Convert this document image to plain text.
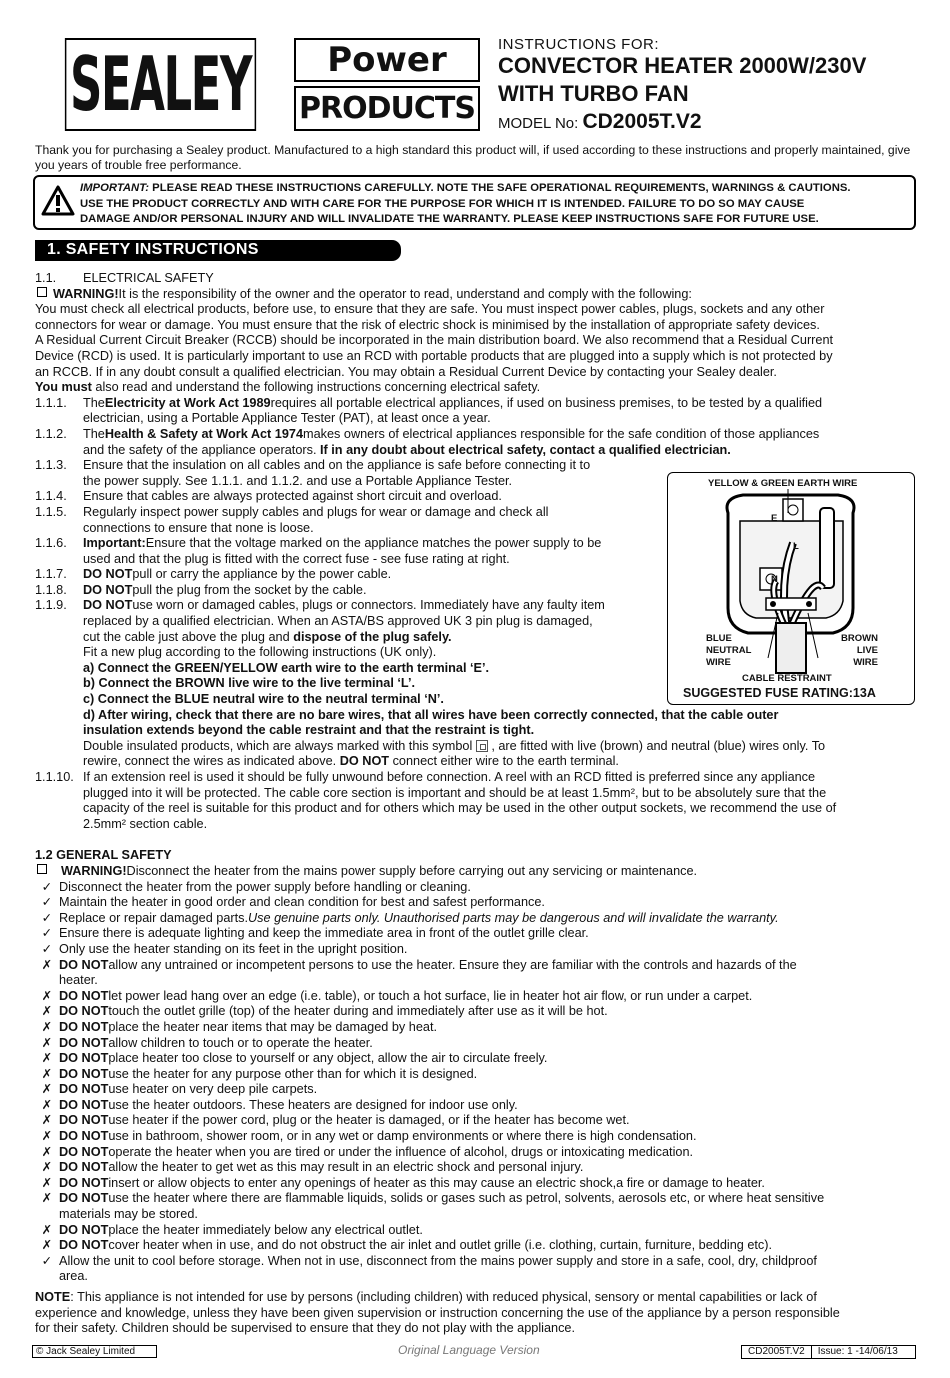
SEALEY	Power
PRODUCTS
INSTRUCTIONS FOR:
CONVECTOR HEATER 2000W/230V
WITH TURBO FAN
MODEL No: CD2005T.V2
Thank you for purchasing a Sealey product. Manufactured to a high standard this product will, if used according to these instructions and properly maintained, give you years of trouble free performance.
IMPORTANT: PLEASE READ THESE INSTRUCTIONS CAREFULLY. NOTE THE SAFE OPERATIONAL REQUIREMENTS, WARNINGS & CAUTIONS.
USE THE PRODUCT CORRECTLY AND WITH CARE FOR THE PURPOSE FOR WHICH IT IS INTENDED. FAILURE TO DO SO MAY CAUSE
DAMAGE AND/OR PERSONAL INJURY AND WILL INVALIDATE THE WARRANTY. PLEASE KEEP INSTRUCTIONS SAFE FOR FUTURE USE.
1. SAFETY INSTRUCTIONS
1.1.	ELECTRICAL SAFETY
WARNING! It is the responsibility of the owner and the operator to read, understand and comply with the following:
You must check all electrical products, before use, to ensure that they are safe. You must inspect power cables, plugs, sockets and any other
connectors for wear or damage. You must ensure that the risk of electric shock is minimised by the installation of appropriate safety devices.
A Residual Current Circuit Breaker (RCCB) should be incorporated in the main distribution board. We also recommend that a Residual Current
Device (RCD) is used. It is particularly important to use an RCD with portable products that are plugged into a supply which is not protected by
an RCCB. If in any doubt consult a qualified electrician. You may obtain a Residual Current Device by contacting your Sealey dealer.
You must also read and understand the following instructions concerning electrical safety.
1.1.1.	The Electricity at Work Act 1989 requires all portable electrical appliances, if used on business premises, to be tested by a qualified
electrician, using a Portable Appliance Tester (PAT), at least once a year.
1.1.2.	The Health & Safety at Work Act 1974 makes owners of electrical appliances responsible for the safe condition of those appliances
and the safety of the appliance operators. If in any doubt about electrical safety, contact a qualified electrician.
1.1.3.	Ensure that the insulation on all cables and on the appliance is safe before connecting it to
the power supply. See 1.1.1. and 1.1.2. and use a Portable Appliance Tester.
1.1.4.	Ensure that cables are always protected against short circuit and overload.
1.1.5.	Regularly inspect power supply cables and plugs for wear or damage and check all
connections to ensure that none is loose.
1.1.6.	Important: Ensure that the voltage marked on the appliance matches the power supply to be
used and that the plug is fitted with the correct fuse - see fuse rating at right.
1.1.7.	DO NOT pull or carry the appliance by the power cable.
1.1.8.	DO NOT pull the plug from the socket by the cable.
1.1.9.	DO NOT use worn or damaged cables, plugs or connectors. Immediately have any faulty item
replaced by a qualified electrician. When an ASTA/BS approved UK 3 pin plug is damaged,
cut the cable just above the plug and dispose of the plug safely.
Fit a new plug according to the following instructions (UK only).
a) Connect the GREEN/YELLOW earth wire to the earth terminal ‘E’.
b) Connect the BROWN live wire to the live terminal ‘L’.
c) Connect the BLUE neutral wire to the neutral terminal ‘N’.
d) After wiring, check that there are no bare wires, that all wires have been correctly connected, that the cable outer
insulation extends beyond the cable restraint and that the restraint is tight.
Double insulated products, which are always marked with this symbol  , are fitted with live (brown) and neutral (blue) wires only. To
rewire, connect the wires as indicated above. DO NOT connect either wire to the earth terminal.
1.1.10. If an extension reel is used it should be fully unwound before connection. A reel with an RCD fitted is preferred since any appliance
plugged into it will be protected. The cable core section is important and should be at least 1.5mm², but to be absolutely sure that the
capacity of the reel is suitable for this product and for others which may be used in the other output sockets, we recommend the use of
2.5mm² section cable.
1.2 GENERAL SAFETY
WARNING! Disconnect the heater from the mains power supply before carrying out any servicing or maintenance.
✓ Disconnect the heater from the power supply before handling or cleaning.
✓ Maintain the heater in good order and clean condition for best and safest performance.
✓ Replace or repair damaged parts. Use genuine parts only. Unauthorised parts may be dangerous and will invalidate the warranty.
✓ Ensure there is adequate lighting and keep the immediate area in front of the outlet grille clear.
✓ Only use the heater standing on its feet in the upright position.
✗ DO NOT allow any untrained or incompetent persons to use the heater. Ensure they are familiar with the controls and hazards of the
heater.
✗ DO NOT let power lead hang over an edge (i.e. table), or touch a hot surface, lie in heater hot air flow, or run under a carpet.
✗ DO NOT touch the outlet grille (top) of the heater during and immediately after use as it will be hot.
✗ DO NOT place the heater near items that may be damaged by heat.
✗ DO NOT allow children to touch or to operate the heater.
✗ DO NOT place heater too close to yourself or any object, allow the air to circulate freely.
✗ DO NOT use the heater for any purpose other than for which it is designed.
✗ DO NOT use heater on very deep pile carpets.
✗ DO NOT use the heater outdoors. These heaters are designed for indoor use only.
✗ DO NOT use heater if the power cord, plug or the heater is damaged, or if the heater has become wet.
✗ DO NOT use in bathroom, shower room, or in any wet or damp environments or where there is high condensation.
✗ DO NOT operate the heater when you are tired or under the influence of alcohol, drugs or intoxicating medication.
✗ DO NOT allow the heater to get wet as this may result in an electric shock and personal injury.
✗ DO NOT insert or allow objects to enter any openings of heater as this may cause an electric shock,a fire or damage to heater.
✗ DO NOT use the heater where there are flammable liquids, solids or gases such as petrol, solvents, aerosols etc, or where heat sensitive
materials may be stored.
✗ DO NOT place the heater immediately below any electrical outlet.
✗ DO NOT cover heater when in use, and do not obstruct the air inlet and outlet grille (i.e. clothing, curtain, furniture, bedding etc).
✓ Allow the unit to cool before storage. When not in use, disconnect from the mains power supply and store in a safe, cool, dry, childproof
area.
NOTE: This appliance is not intended for use by persons (including children) with reduced physical, sensory or mental capabilities or lack of
experience and knowledge, unless they have been given supervision or instruction concerning the use of the appliance by a person responsible
for their safety. Children should be supervised to ensure that they do not play with the appliance.
YELLOW & GREEN EARTH WIRE
E
L
N
BLUE
NEUTRAL
WIRE
BROWN
LIVE
WIRE
CABLE RESTRAINT
SUGGESTED FUSE RATING:13A
© Jack Sealey Limited	Original Language Version	CD2005T.V2	Issue: 1 -14/06/13
